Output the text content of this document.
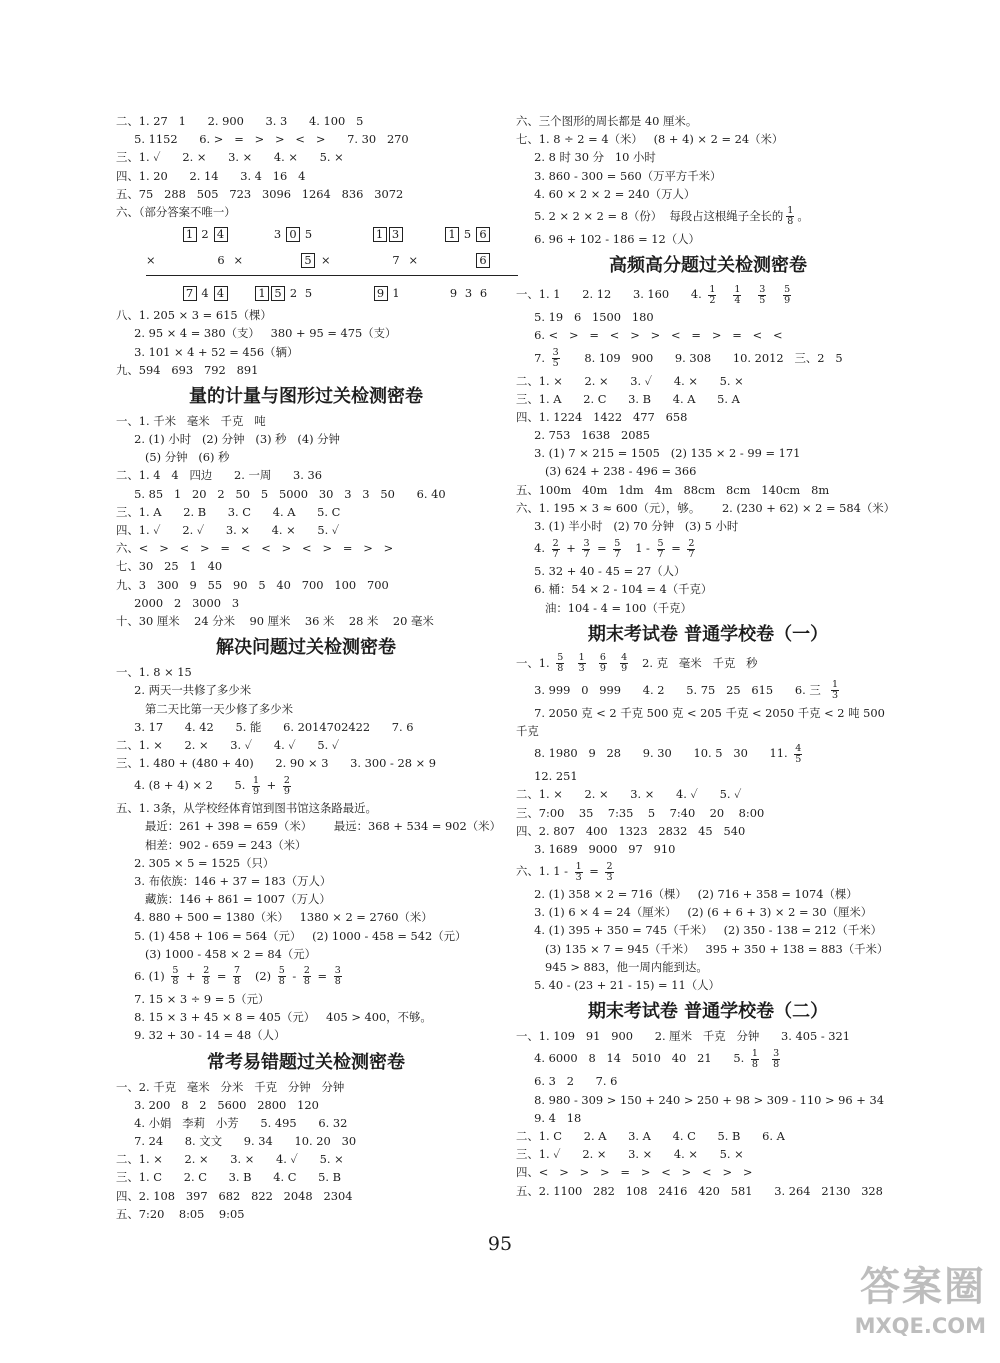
二、1. 27   1      2. 900      3. 3      4. 100   5
5. 1152      6. >   =   >   >   <   >      7. 30   270
三、1. ✓      2. ×      3. ×      4. ×      5. ×
四、1. 20      2. 14      3. 4   16   4
五、75   288   505   723   3096   1264   836   3072
六、（部分答案不唯一）
1 2 4	3 0 5	1 3	1 5 6
×	6 ×	5 ×	7 ×	6
7 4 4	1 5 2 5	9 1	9 3 6
八、1. 205 × 3 = 615（棵）
2. 95 × 4 = 380（支）   380 + 95 = 475（支）
3. 101 × 4 + 52 = 456（辆）
九、594   693   792   891
量的计量与图形过关检测密卷
一、1. 千米   毫米   千克   吨
2. (1) 小时   (2) 分钟   (3) 秒   (4) 分钟
(5) 分钟   (6) 秒
二、1. 4   4   四边      2. 一周      3. 36
5. 85   1   20   2   50   5   5000   30   3   3   50      6. 40
三、1. A      2. B      3. C      4. A      5. C
四、1. ✓      2. ✓      3. ×      4. ×      5. ✓
六、<   >   <   >   =   <   <   >   <   >   =   >   >
七、30   25   1   40
九、3   300   9   55   90   5   40   700   100   700
2000   2   3000   3
十、30 厘米    24 分米    90 厘米    36 米    28 米    20 毫米
解决问题过关检测密卷
一、1. 8 × 15
2. 两天一共修了多少米
第二天比第一天少修了多少米
3. 17      4. 42      5. 能      6. 2014702422      7. 6
二、1. ×      2. ×      3. ✓      4. ✓      5. ✓
三、1. 480 + (480 + 40)      2. 90 × 3      3. 300 - 28 × 9
4. (8 + 4) × 2      5. $\frac{1}{9} + \frac{2}{9}$
五、1. 3条，从学校经体育馆到图书馆这条路最近。
最近：261 + 398 = 659（米）      最远：368 + 534 = 902（米）
相差：902 - 659 = 243（米）
2. 305 × 5 = 1525（只）
3. 布依族：146 + 37 = 183（万人）
藏族：146 + 861 = 1007（万人）
4. 880 + 500 = 1380（米）   1380 × 2 = 2760（米）
5. (1) 458 + 106 = 564（元）   (2) 1000 - 458 = 542（元）
(3) 1000 - 458 × 2 = 84（元）
6. $(1) \frac{5}{8} + \frac{2}{8} = \frac{7}{8} (2) \frac{5}{8} - \frac{2}{8} = \frac{3}{8}$
7. 15 × 3 ÷ 9 = 5（元）
8. 15 × 3 + 45 × 8 = 405（元）   405 > 400，不够。
9. 32 + 30 - 14 = 48（人）
常考易错题过关检测密卷
一、2. 千克   毫米   分米   千克   分钟   分钟
3. 200   8   2   5600   2800   120
4. 小娟   李莉   小芳      5. 495      6. 32
7. 24      8. 文文      9. 34      10. 20   30
二、1. ×      2. ×      3. ×      4. ✓      5. ×
三、1. C      2. C      3. B      4. C      5. B
四、2. 108   397   682   822   2048   2304
五、7:20    8:05    9:05
六、三个图形的周长都是 40 厘米。
七、1. 8 ÷ 2 = 4（米）   (8 + 4) × 2 = 24（米）
2. 8 时 30 分   10 小时
3. 860 - 300 = 560（万平方千米）
4. 60 × 2 × 2 = 240（万人）
5. 2 × 2 × 2 = 8（份）  每段占这根绳子全长的 $\frac{1}{8}$ 。
6. 96 + 102 - 186 = 12（人）
高频高分题过关检测密卷
一、1. 1      2. 12      3. 160      4. $\frac{1}{2}$
$\frac{1}{4}$
$\frac{3}{5}$
$\frac{5}{9}$
5. 19   6   1500   180
6. <   >   =   <   >   >   <   =   >   =   <   <
7. $\frac{3}{5} 8$. 109   900      9. 308      10. 2012   三、2   5
二、1. ×      2. ×      3. ✓      4. ×      5. ×
三、1. A      2. C      3. B      4. A      5. A
四、1. 1224   1422   477   658
2. 753   1638   2085
3. (1) 7 × 215 = 1505   (2) 135 × 2 - 99 = 171
(3) 624 + 238 - 496 = 366
五、100m   40m   1dm   4m   88cm   8cm   140cm   8m
六、1. 195 × 3 ≈ 600（元），够。      2. (230 + 62) × 2 = 584（米）
3. (1) 半小时   (2) 70 分钟   (3) 5 小时
4. $\frac{2}{7} + \frac{3}{7} = \frac{5}{7} 1 - \frac{5}{7} = \frac{2}{7}$
5. 32 + 40 - 45 = 27（人）
6. 桶：54 × 2 - 104 = 4（千克）
油：104 - 4 = 100（千克）
期末考试卷 普通学校卷（一）
一、1. $\frac{5}{8}$
$\frac{1}{3}$
$\frac{6}{9}$
$\frac{4}{9} 2$. 克   毫米   千克   秒
3. 999   0   999      4. 2      5. 75   25   615      6. 三 $\frac{1}{3}$
7. 2050 克 < 2 千克 500 克 < 205 千克 < 2050 千克 < 2 吨 500
千克
8. 1980   9   28      9. 30      10. 5   30      11. $\frac{4}{5}$
12. 251
二、1. ×      2. ×      3. ×      4. ✓      5. ✓
三、7:00    35    7:35    5    7:40    20    8:00
四、2. 807   400   1323   2832   45   540
3. 1689   9000   97   910
六、1. $1 - \frac{1}{3} = \frac{2}{3}$
2. (1) 358 × 2 = 716（棵）   (2) 716 + 358 = 1074（棵）
3. (1) 6 × 4 = 24（厘米）   (2) (6 + 6 + 3) × 2 = 30（厘米）
4. (1) 395 + 350 = 745（千米）   (2) 350 - 138 = 212（千米）
(3) 135 × 7 = 945（千米）   395 + 350 + 138 = 883（千米）
945 > 883，他一周内能到达。
5. 40 - (23 + 21 - 15) = 11（人）
期末考试卷 普通学校卷（二）
一、1. 109   91   900      2. 厘米   千克   分钟      3. 405 - 321
4. 6000   8   14   5010   40   21      5. $\frac{1}{8}$
$\frac{3}{8}$
6. 3   2      7. 6
8. 980 - 309 > 150 + 240 > 250 + 98 > 309 - 110 > 96 + 34
9. 4   18
二、1. C      2. A      3. A      4. C      5. B      6. A
三、1. ✓      2. ×      3. ×      4. ×      5. ×
四、<   >   >   >   =   >   <   >   <   >   >
五、2. 1100   282   108   2416   420   581      3. 264   2130   328
95
答案圈
MXQE.COM
